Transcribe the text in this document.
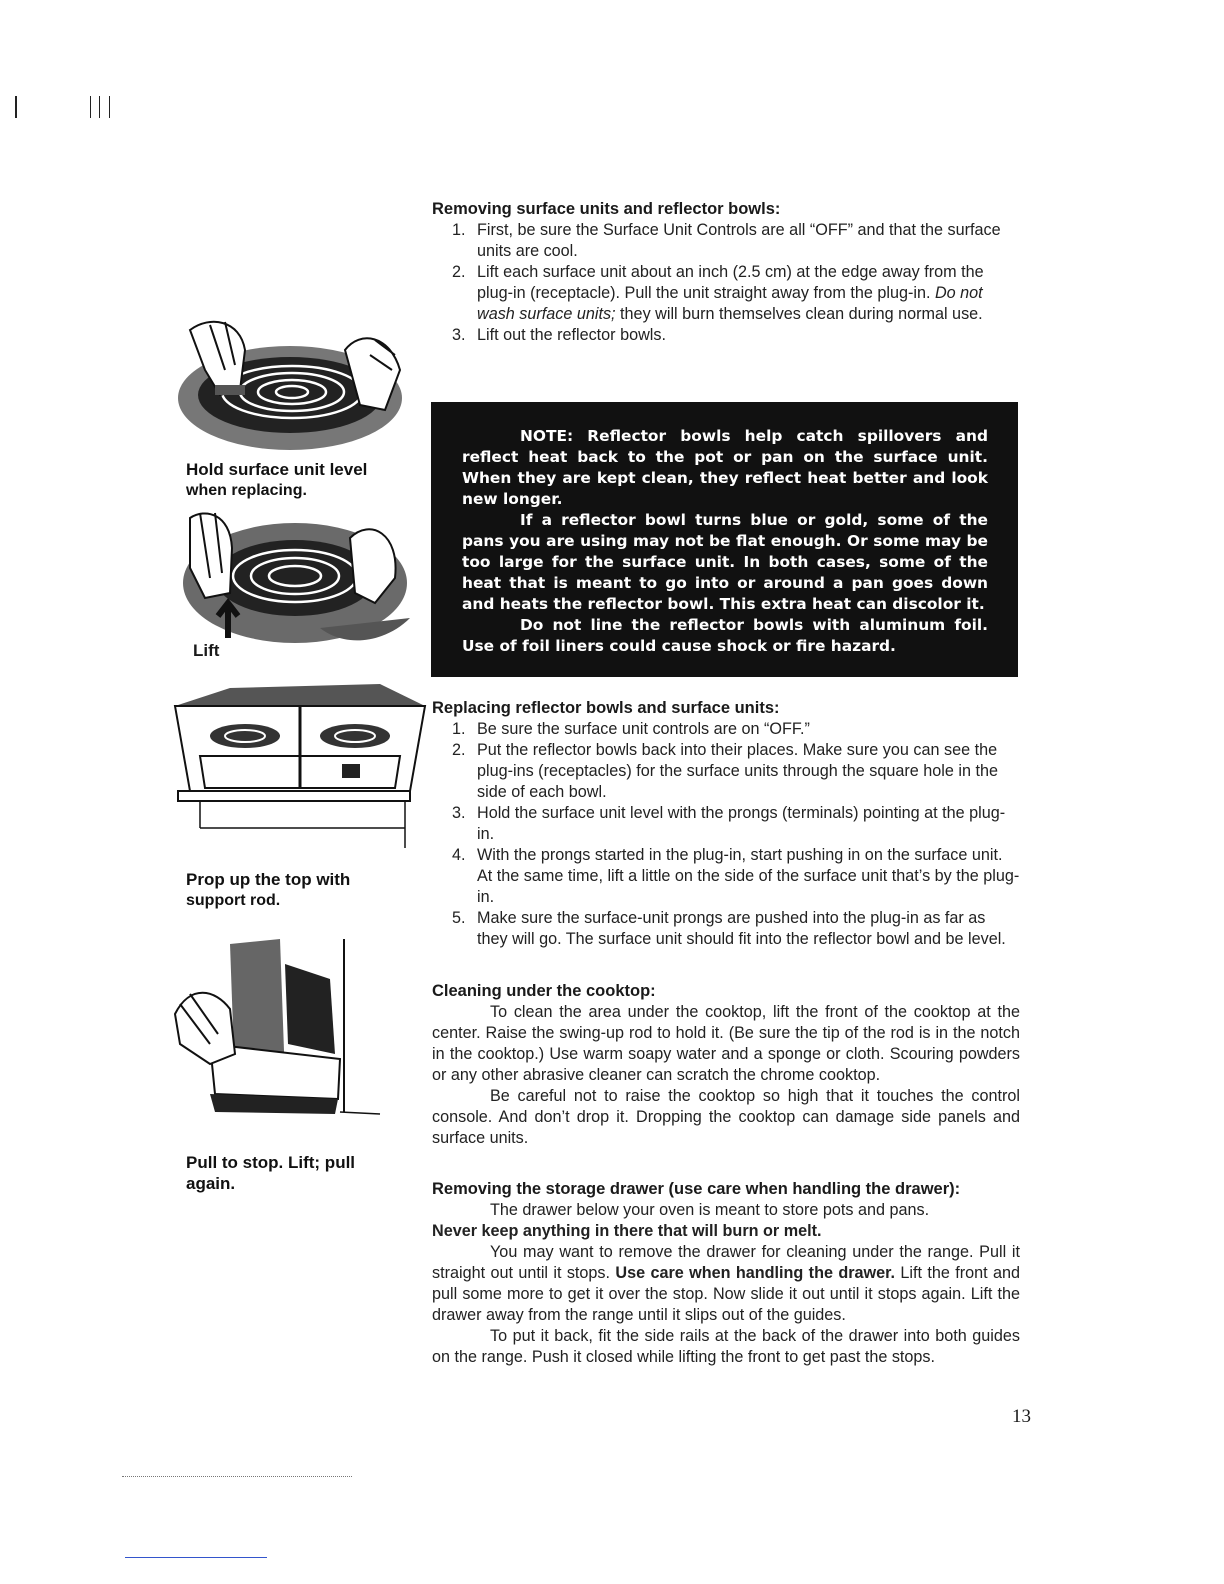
Hold surface unit level
when replacing.
Lift
Prop up the top with
support rod.
Pull to stop. Lift; pull
again.

Removing surface units and reflector bowls:

1. First, be sure the Surface Unit Controls are all “OFF” and that the surface units are cool.
2. Lift each surface unit about an inch (2.5 cm) at the edge away from the plug-in (receptacle). Pull the unit straight away from the plug-in. Do not wash surface units; they will burn themselves clean during normal use.
3. Lift out the reflector bowls.

NOTE: Reflector bowls help catch spillovers and reflect heat back to the pot or pan on the surface unit. When they are kept clean, they reflect heat better and look new longer.

If a reflector bowl turns blue or gold, some of the pans you are using may not be flat enough. Or some may be too large for the surface unit. In both cases, some of the heat that is meant to go into or around a pan goes down and heats the reflector bowl. This extra heat can discolor it.

Do not line the reflector bowls with aluminum foil. Use of foil liners could cause shock or fire hazard.

Replacing reflector bowls and surface units:

1. Be sure the surface unit controls are on “OFF.”
2. Put the reflector bowls back into their places. Make sure you can see the plug-ins (receptacles) for the surface units through the square hole in the side of each bowl.
3. Hold the surface unit level with the prongs (terminals) pointing at the plug-in.
4. With the prongs started in the plug-in, start pushing in on the surface unit. At the same time, lift a little on the side of the surface unit that’s by the plug-in.
5. Make sure the surface-unit prongs are pushed into the plug-in as far as they will go. The surface unit should fit into the reflector bowl and be level.

Cleaning under the cooktop:

To clean the area under the cooktop, lift the front of the cooktop at the center. Raise the swing-up rod to hold it. (Be sure the tip of the rod is in the notch in the cooktop.) Use warm soapy water and a sponge or cloth. Scouring powders or any other abrasive cleaner can scratch the chrome cooktop.

Be careful not to raise the cooktop so high that it touches the control console. And don’t drop it. Dropping the cooktop can damage side panels and surface units.

Removing the storage drawer (use care when handling the drawer):

The drawer below your oven is meant to store pots and pans.

Never keep anything in there that will burn or melt.

You may want to remove the drawer for cleaning under the range. Pull it straight out until it stops. Use care when handling the drawer. Lift the front and pull some more to get it over the stop. Now slide it out until it stops again. Lift the drawer away from the range until it slips out of the guides.

To put it back, fit the side rails at the back of the drawer into both guides on the range. Push it closed while lifting the front to get past the stops.

13
